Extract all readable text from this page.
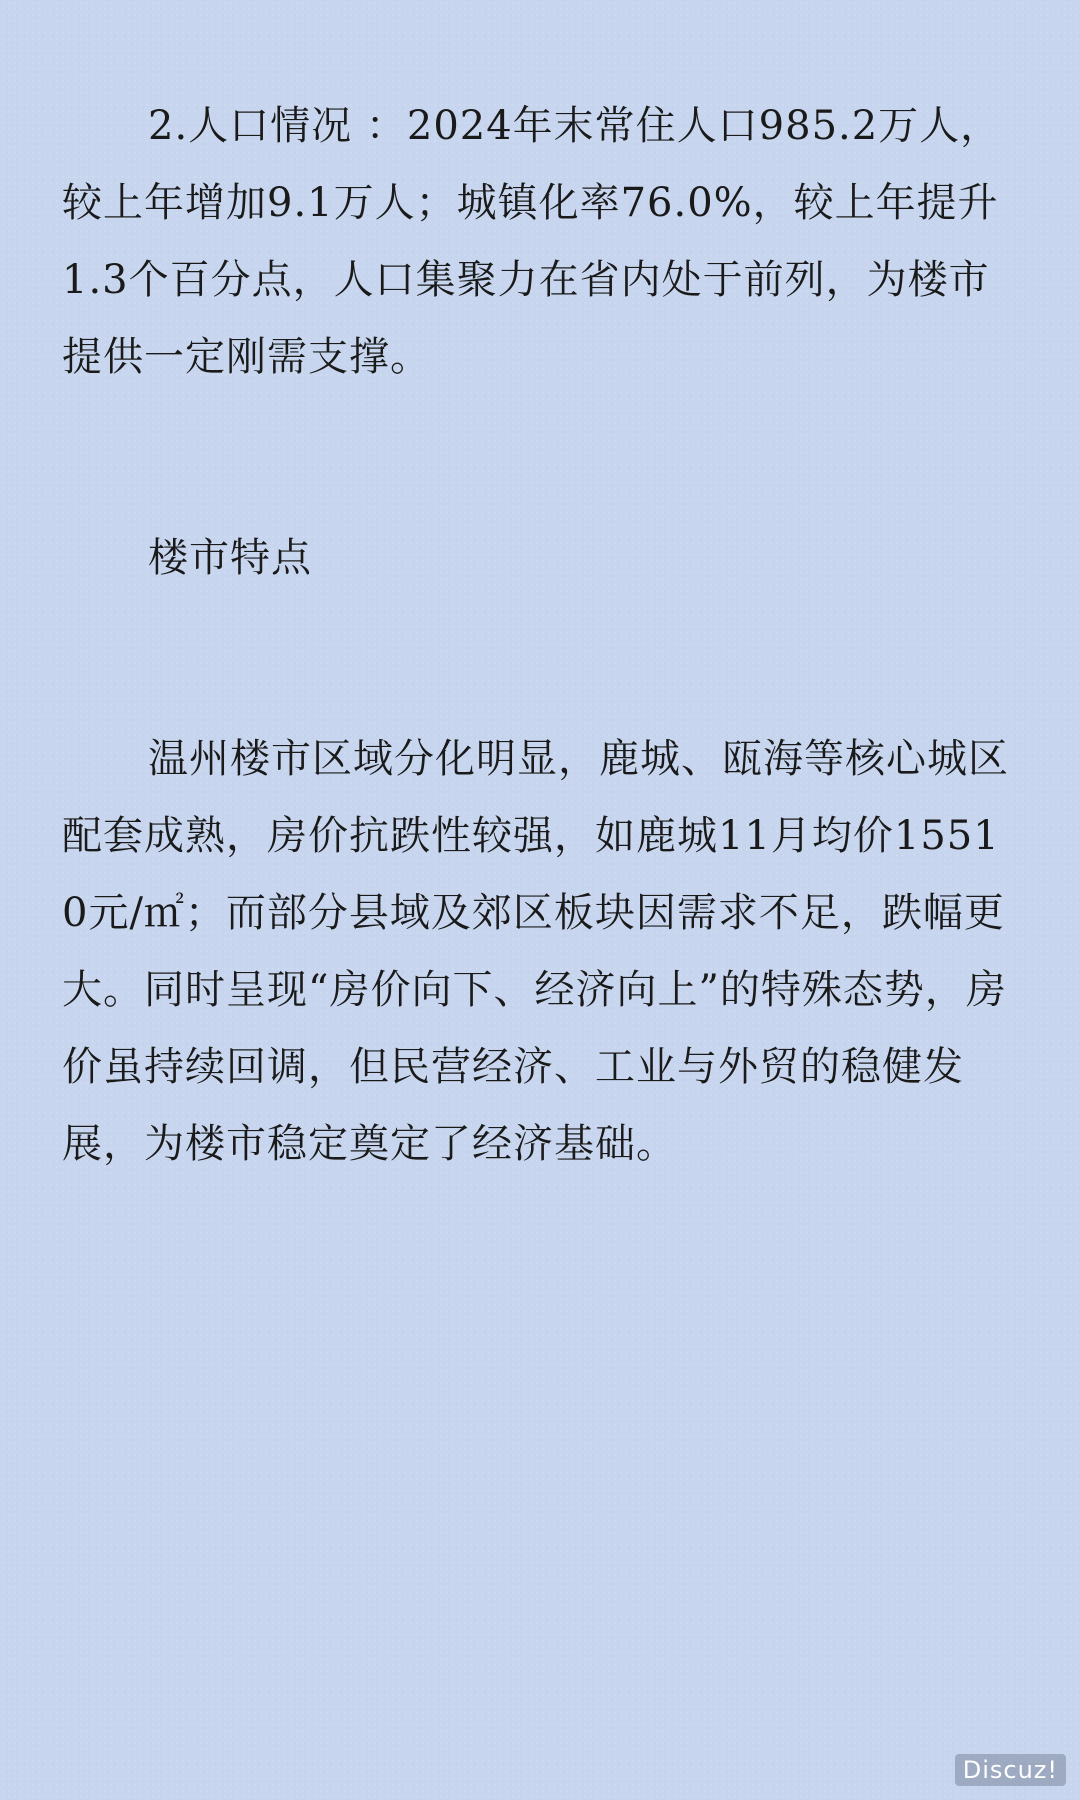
2.人口情况 ：2024年末常住人口985.2万人，较上年增加9.1万人；城镇化率76.0%，较上年提升1.3个百分点，人口集聚力在省内处于前列，为楼市提供一定刚需支撑。

楼市特点

温州楼市区域分化明显，鹿城、瓯海等核心城区配套成熟，房价抗跌性较强，如鹿城11月均价15510元/㎡；而部分县域及郊区板块因需求不足，跌幅更大。同时呈现“房价向下、经济向上”的特殊态势，房价虽持续回调，但民营经济、工业与外贸的稳健发展，为楼市稳定奠定了经济基础。

Discuz!
